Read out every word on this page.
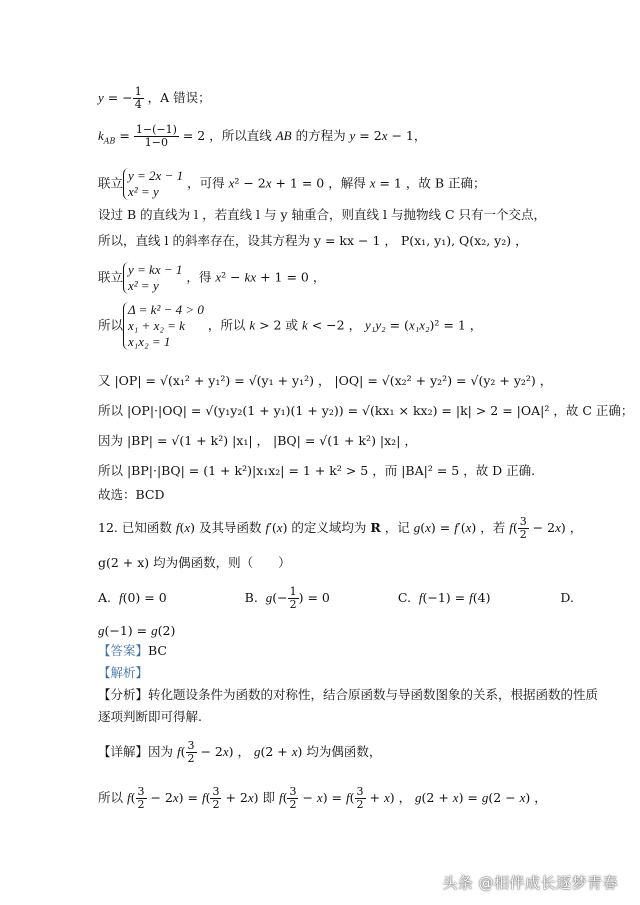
y = − $\frac{1}{4}$ ，A 错误；
$k_{AB} = \frac{1-(-1)}{1-0} = 2$ ，所以直线 AB 的方程为 y = 2x − 1，
联立 y = 2x − 1
x² = y
，可得 x² − 2x + 1 = 0 ，解得 x = 1 ，故 B 正确；
设过 B 的直线为 l ，若直线 l 与 y 轴重合，则直线 l 与抛物线 C 只有一个交点，
所以，直线 l 的斜率存在，设其方程为 y = kx − 1 ， P(x₁, y₁), Q(x₂, y₂) ，
联立 y = kx − 1
x² = y
，得 x² − kx + 1 = 0 ，
所以
Δ = k² − 4 > 0
x₁ + x₂ = k
x₁x₂ = 1
，所以 k > 2 或 k < −2 ， y₁y₂ = (x₁x₂)² = 1 ，
又 |OP| = √(x₁² + y₁²) = √(y₁ + y₁²) ， |OQ| = √(x₂² + y₂²) = √(y₂ + y₂²) ，
所以 |OP|·|OQ| = √(y₁y₂(1 + y₁)(1 + y₂)) = √(kx₁ × kx₂) = |k| > 2 = |OA|² ，故 C 正确；
因为 |BP| = √(1 + k²) |x₁| ， |BQ| = √(1 + k²) |x₂| ，
所以 |BP|·|BQ| = (1 + k²)|x₁x₂| = 1 + k² > 5 ，而 |BA|² = 5 ，故 D 正确.
故选：BCD
12. 已知函数 f(x) 及其导函数 f′(x) 的定义域均为 R ，记 g(x) = f′(x) ，若 $f( \frac{3}{2} - 2x)$ ，
g(2 + x) 均为偶函数，则（　　）
A.  f(0) = 0	B.  $g(- \frac{1}{2}$ ) = 0	C.  f(−1) = f(4)	D.
g(−1) = g(2)
【答案】BC
【解析】
【分析】转化题设条件为函数的对称性，结合原函数与导函数图象的关系，根据函数的性质
逐项判断即可得解.
【详解】因为 $f( \frac{3}{2} - 2x)$ ， g(2 + x) 均为偶函数，
所以 $f( \frac{3}{2} - 2x) = f( \frac{3}{2} + 2x)$ 即 $f( \frac{3}{2} - x) = f( \frac{3}{2} + x)$ ， g(2 + x) = g(2 − x) ，
头条 @相伴成长逐梦青春
